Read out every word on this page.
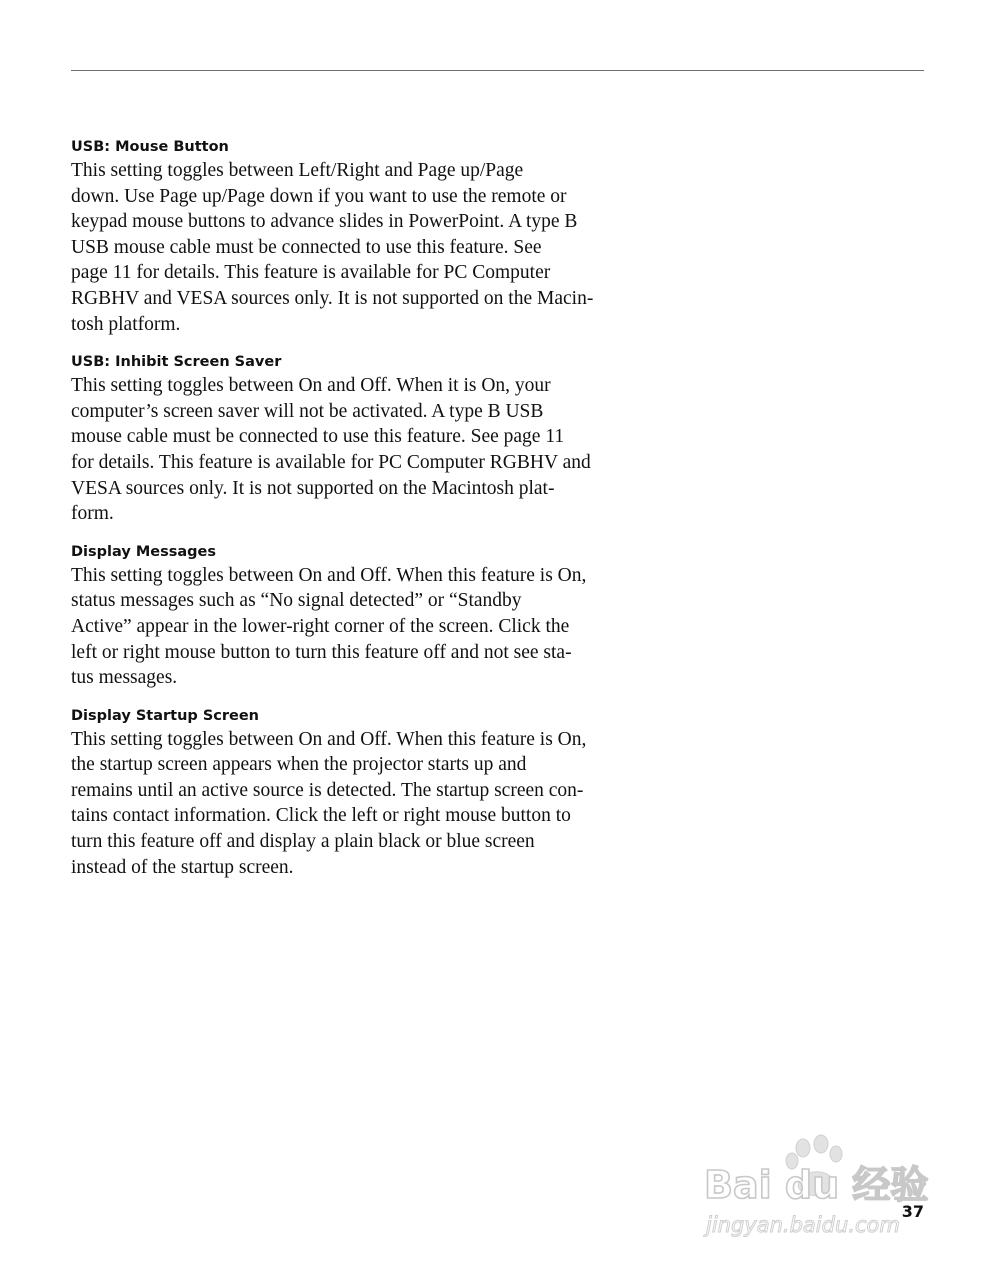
USB: Mouse Button

This setting toggles between Left/Right and Page up/Page
down. Use Page up/Page down if you want to use the remote or
keypad mouse buttons to advance slides in PowerPoint. A type B
USB mouse cable must be connected to use this feature. See
page 11 for details. This feature is available for PC Computer
RGBHV and VESA sources only. It is not supported on the Macin-
tosh platform.

USB: Inhibit Screen Saver

This setting toggles between On and Off. When it is On, your
computer’s screen saver will not be activated. A type B USB
mouse cable must be connected to use this feature. See page 11
for details. This feature is available for PC Computer RGBHV and
VESA sources only. It is not supported on the Macintosh plat-
form.

Display Messages

This setting toggles between On and Off. When this feature is On,
status messages such as “No signal detected” or “Standby
Active” appear in the lower-right corner of the screen. Click the
left or right mouse button to turn this feature off and not see sta-
tus messages.

Display Startup Screen

This setting toggles between On and Off. When this feature is On,
the startup screen appears when the projector starts up and
remains until an active source is detected. The startup screen con-
tains contact information. Click the left or right mouse button to
turn this feature off and display a plain black or blue screen
instead of the startup screen.

Bai du 经验
jingyan.baidu.com
37
